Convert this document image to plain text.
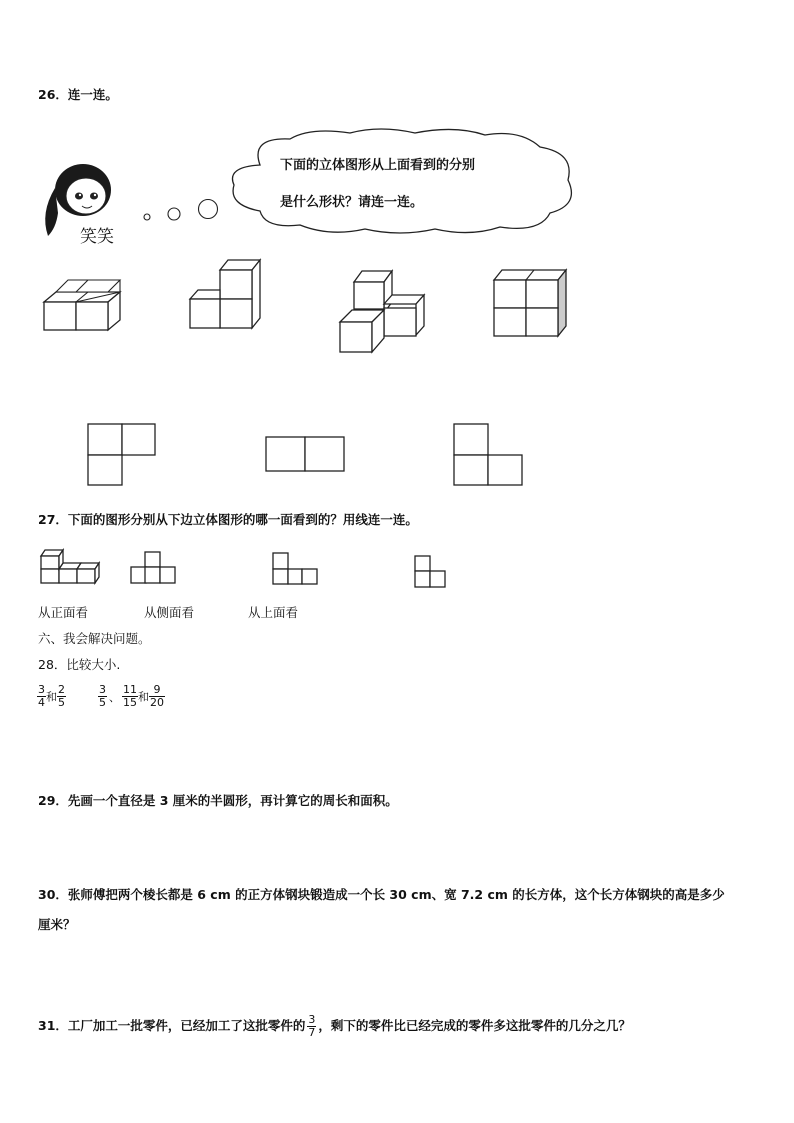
26．连一连。
笑笑
下面的立体图形从上面看到的分别
是什么形状？请连一连。
27．下面的图形分别从下边立体图形的哪一面看到的？用线连一连。
从正面看	从侧面看	从上面看
六、我会解决问题。
28．比较大小.
$\frac{3}{4}$ 和 $\frac{2}{5}$	$\frac{3}{5}$ 、 $\frac{11}{15}$ 和 $\frac{9}{20}$
29．先画一个直径是 3 厘米的半圆形，再计算它的周长和面积。
30．张师傅把两个棱长都是 6 cm 的正方体钢块锻造成一个长 30 cm、宽 7.2 cm 的长方体，这个长方体钢块的高是多少
厘米？
31．工厂加工一批零件，已经加工了这批零件的 $\frac{3}{7}$ ，剩下的零件比已经完成的零件多这批零件的几分之几？
